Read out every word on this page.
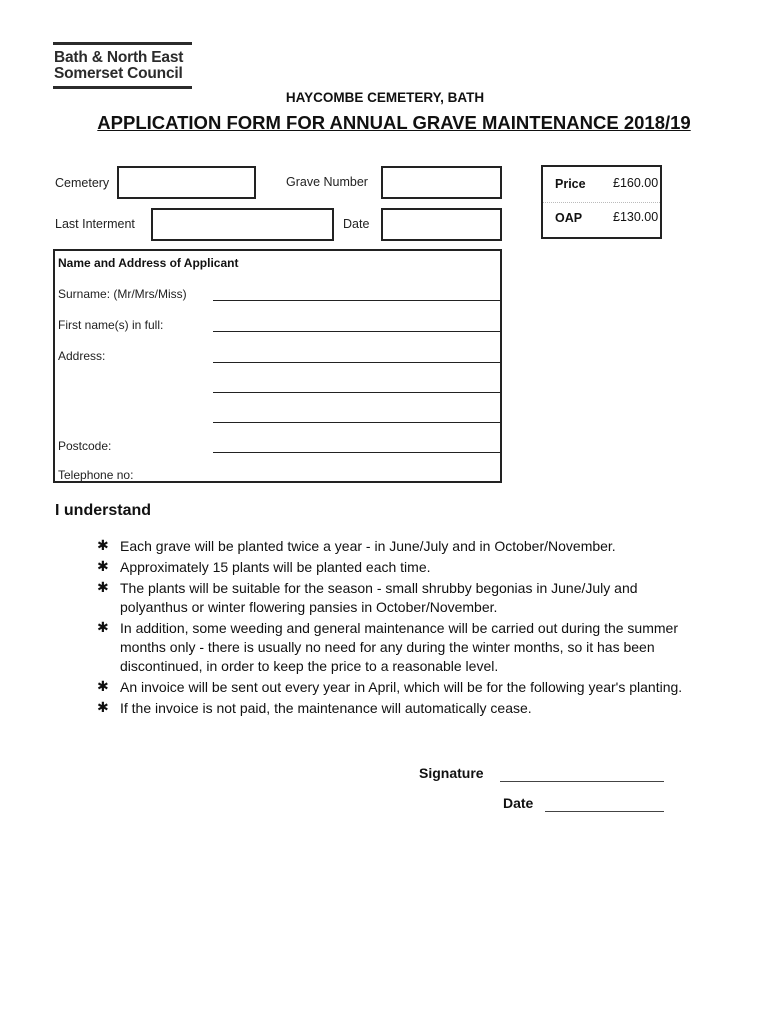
Bath & North East
Somerset Council
HAYCOMBE CEMETERY, BATH
APPLICATION FORM FOR ANNUAL GRAVE MAINTENANCE 2018/19
Cemetery	Grave Number
Last Interment	Date
Price £160.00
OAP £130.00
Name and Address of Applicant
Surname: (Mr/Mrs/Miss)
First name(s) in full:
Address:
Postcode:
Telephone no:
I understand
✱ Each grave will be planted twice a year - in June/July and in October/November.
✱ Approximately 15 plants will be planted each time.
✱ The plants will be suitable for the season - small shrubby begonias in June/July and polyanthus or winter flowering pansies in October/November.
✱ In addition, some weeding and general maintenance will be carried out during the summer months only - there is usually no need for any during the winter months, so it has been discontinued, in order to keep the price to a reasonable level.
✱ An invoice will be sent out every year in April, which will be for the following year's planting.
✱ If the invoice is not paid, the maintenance will automatically cease.
Signature
Date
